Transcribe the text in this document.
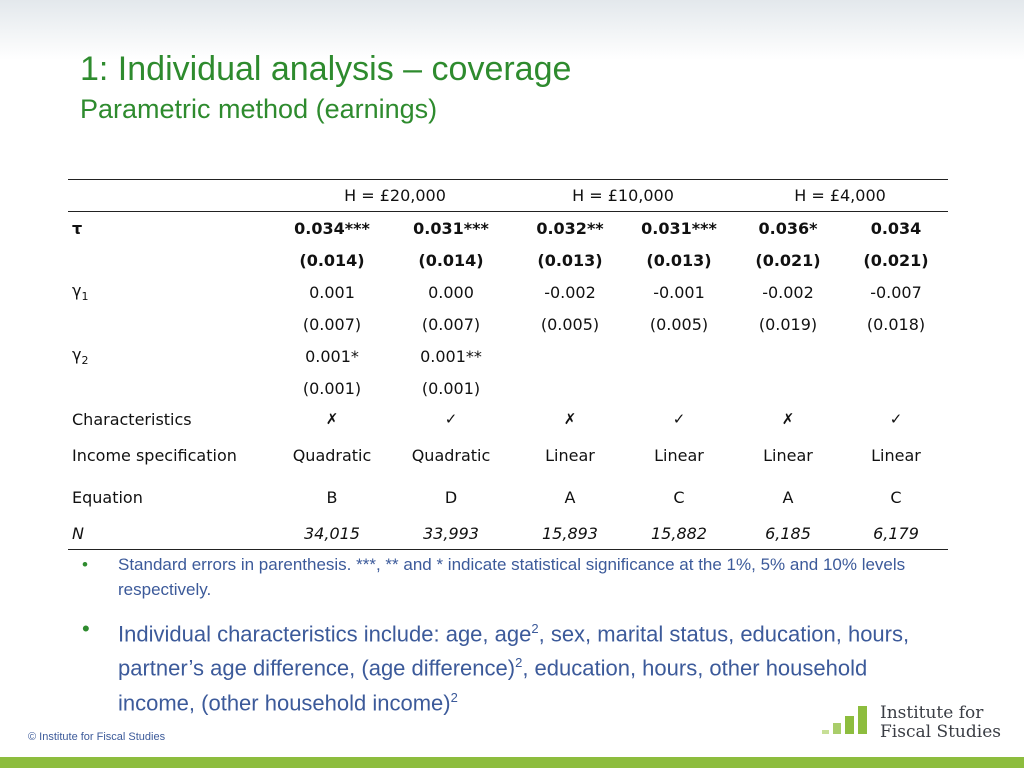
1: Individual analysis – coverage
Parametric method (earnings)
	H = £20,000		H = £10,000		H = £4,000	
τ	0.034***	0.031***	0.032**	0.031***	0.036*	0.034
	(0.014)	(0.014)	(0.013)	(0.013)	(0.021)	(0.021)
$\gamma_1$	0.001	0.000	-0.002	-0.001	-0.002	-0.007
	(0.007)	(0.007)	(0.005)	(0.005)	(0.019)	(0.018)
$\gamma_2$	0.001*	0.001**				
	(0.001)	(0.001)				
Characteristics	✗	✓	✗	✓	✗	✓
Income specification	Quadratic	Quadratic	Linear	Linear	Linear	Linear
Equation	B	D	A	C	A	C
N	34,015	33,993	15,893	15,882	6,185	6,179
• Standard errors in parenthesis. ***, ** and * indicate statistical significance at the 1%, 5% and 10% levels respectively.
• Individual characteristics include: age, age$^2$, sex, marital status, education, hours, partner’s age difference, (age difference)$^2$, education, hours, other household income, (other household income)$^2$
© Institute for Fiscal Studies

Institute for
Fiscal Studies
